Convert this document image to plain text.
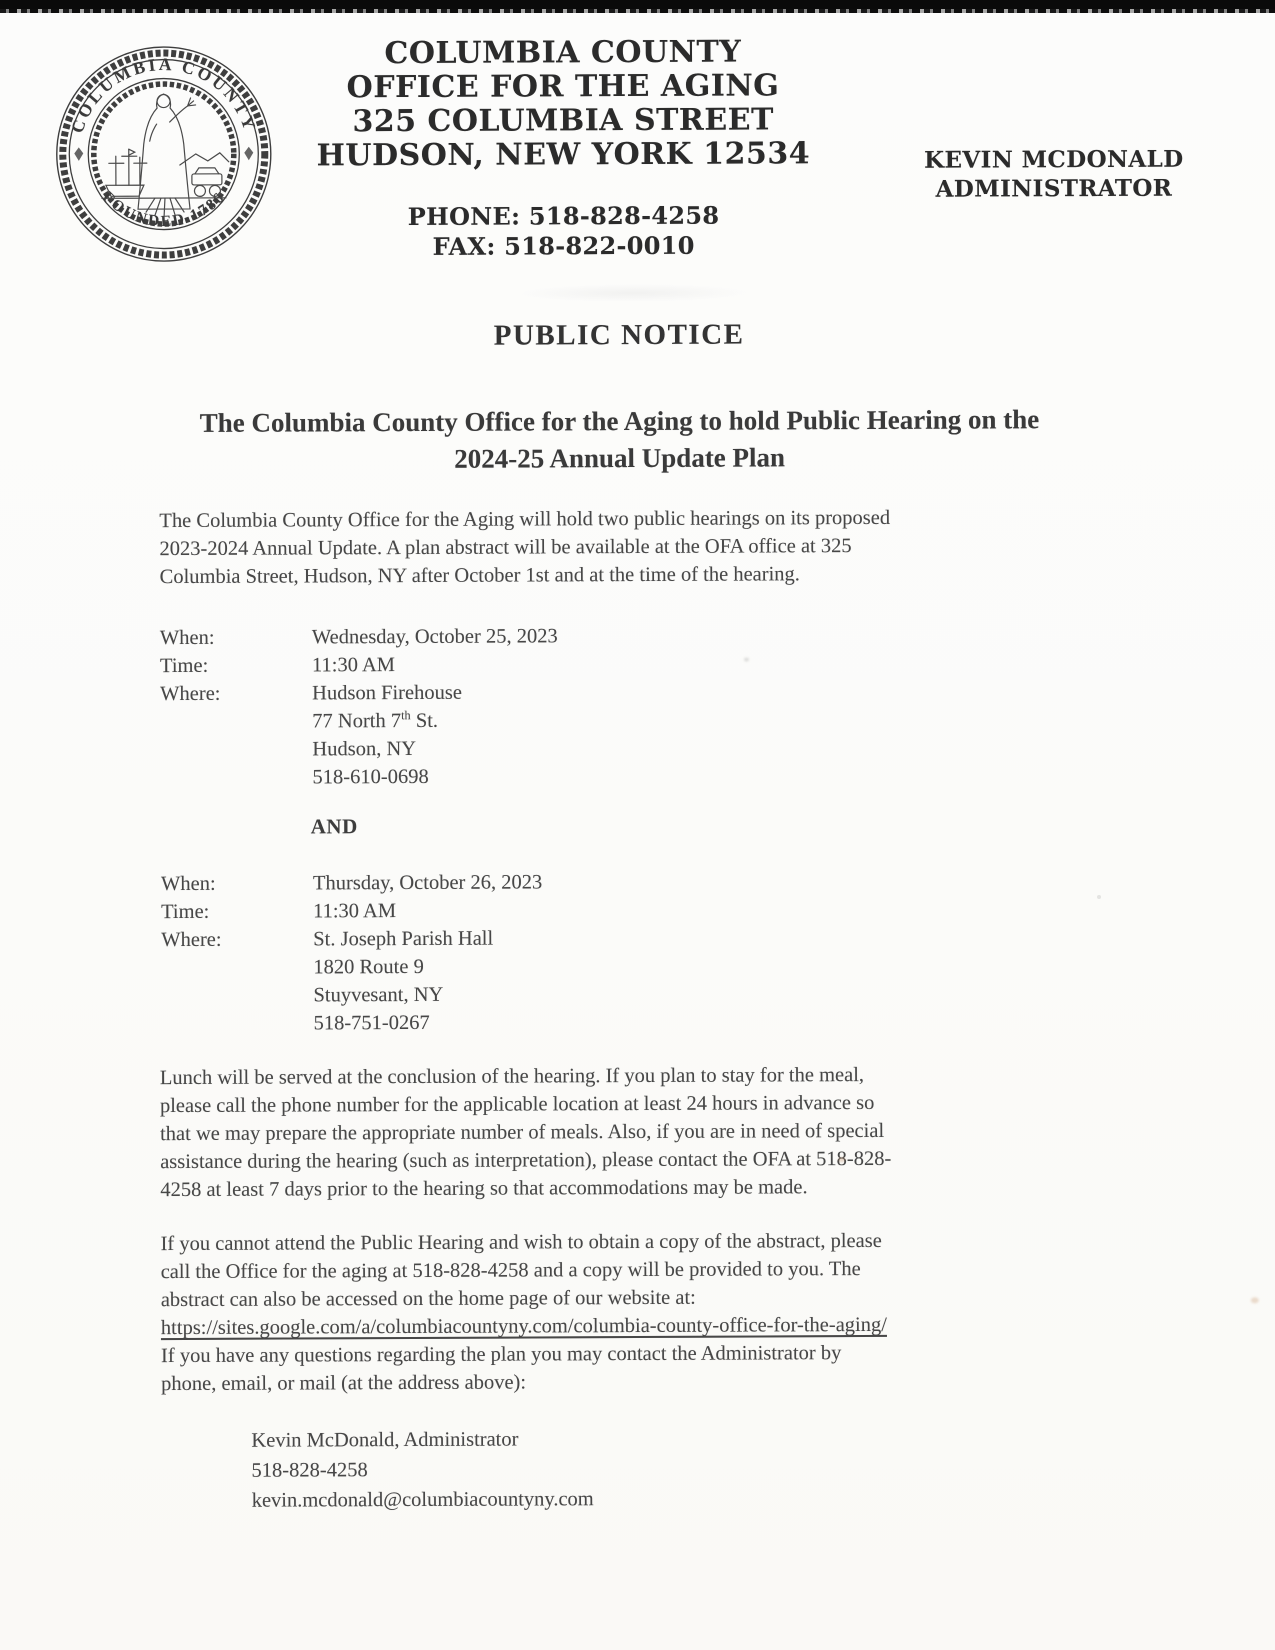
COLUMBIA COUNTY
FOUNDED 1786
COLUMBIA COUNTY
OFFICE FOR THE AGING
325 COLUMBIA STREET
HUDSON, NEW YORK 12534
PHONE: 518-828-4258
FAX: 518-822-0010
KEVIN MCDONALD
ADMINISTRATOR
PUBLIC NOTICE
The Columbia County Office for the Aging to hold Public Hearing on the
2024-25 Annual Update Plan
The Columbia County Office for the Aging will hold two public hearings on its proposed
2023-2024 Annual Update. A plan abstract will be available at the OFA office at 325
Columbia Street, Hudson, NY after October 1st and at the time of the hearing.
When:	Wednesday, October 25, 2023
Time:	11:30 AM
Where:	Hudson Firehouse
77 North 7th St.
Hudson, NY
518-610-0698
AND
When:	Thursday, October 26, 2023
Time:	11:30 AM
Where:	St. Joseph Parish Hall
1820 Route 9
Stuyvesant, NY
518-751-0267
Lunch will be served at the conclusion of the hearing. If you plan to stay for the meal,
please call the phone number for the applicable location at least 24 hours in advance so
that we may prepare the appropriate number of meals. Also, if you are in need of special
assistance during the hearing (such as interpretation), please contact the OFA at 518-828-
4258 at least 7 days prior to the hearing so that accommodations may be made.
If you cannot attend the Public Hearing and wish to obtain a copy of the abstract, please
call the Office for the aging at 518-828-4258 and a copy will be provided to you. The
abstract can also be accessed on the home page of our website at:
https://sites.google.com/a/columbiacountyny.com/columbia-county-office-for-the-aging/
If you have any questions regarding the plan you may contact the Administrator by
phone, email, or mail (at the address above):
Kevin McDonald, Administrator
518-828-4258
kevin.mcdonald@columbiacountyny.com
